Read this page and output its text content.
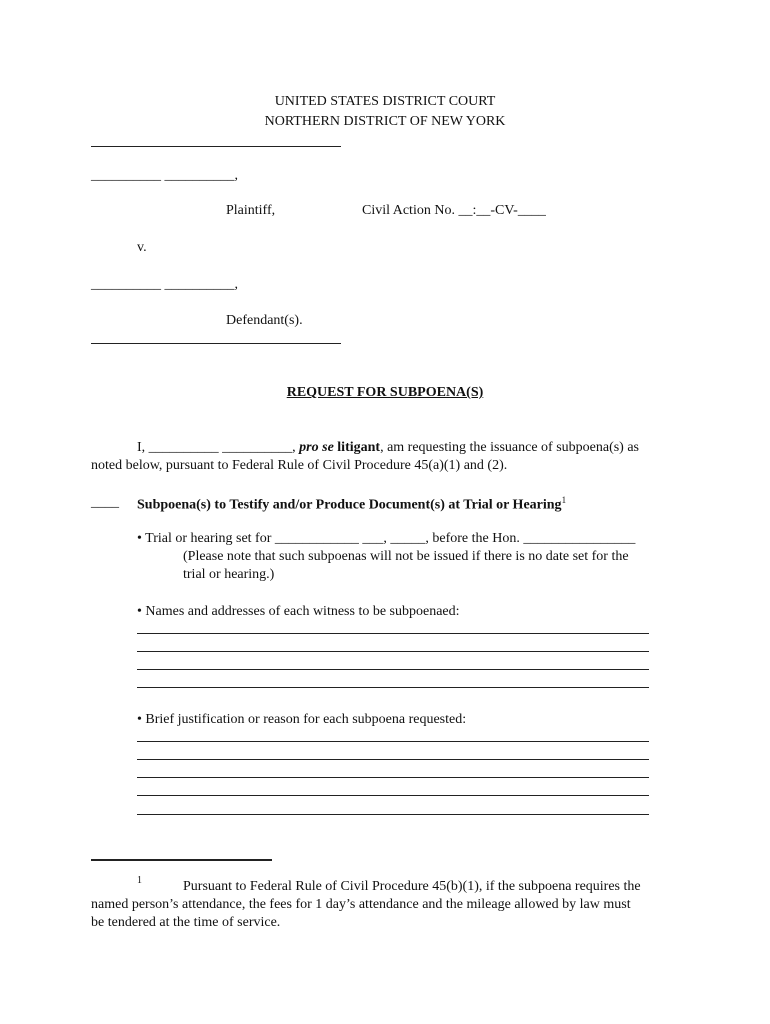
UNITED STATES DISTRICT COURT
NORTHERN DISTRICT OF NEW YORK
__________ __________,
Plaintiff,	Civil Action No. __:__-CV-____
v.
__________ __________,
Defendant(s).
REQUEST FOR SUBPOENA(S)
I, __________ __________, pro se litigant, am requesting the issuance of subpoena(s) as
noted below, pursuant to Federal Rule of Civil Procedure 45(a)(1) and (2).
____ Subpoena(s) to Testify and/or Produce Document(s) at Trial or Hearing$^1$
• Trial or hearing set for ____________ ___, _____, before the Hon. ________________
(Please note that such subpoenas will not be issued if there is no date set for the
trial or hearing.)
• Names and addresses of each witness to be subpoenaed:
• Brief justification or reason for each subpoena requested:
1	Pursuant to Federal Rule of Civil Procedure 45(b)(1), if the subpoena requires the
named person’s attendance, the fees for 1 day’s attendance and the mileage allowed by law must
be tendered at the time of service.
